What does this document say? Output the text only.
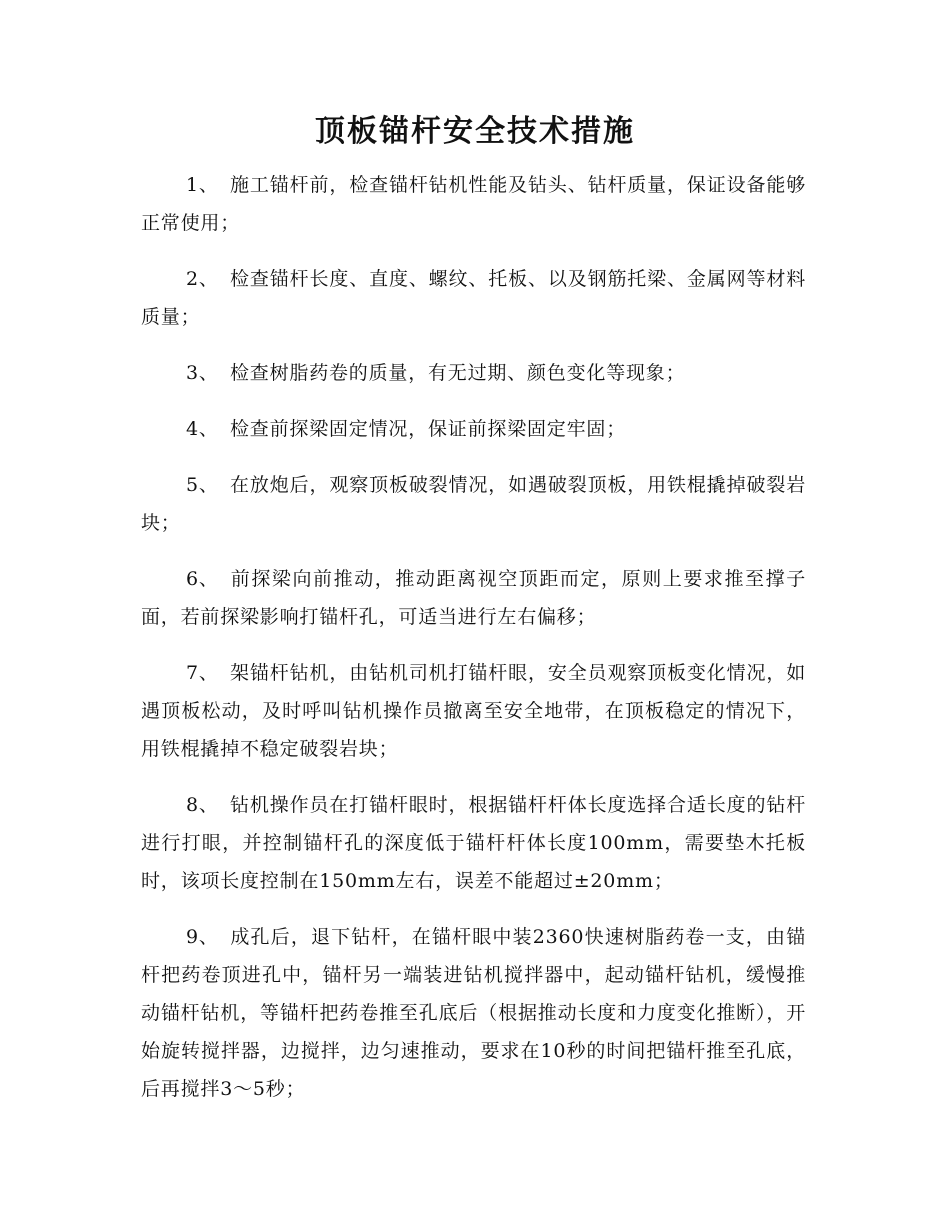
顶板锚杆安全技术措施

1、 施工锚杆前，检查锚杆钻机性能及钻头、钻杆质量，保证设备能够正常使用；

2、 检查锚杆长度、直度、螺纹、托板、以及钢筋托梁、金属网等材料质量；

3、 检查树脂药卷的质量，有无过期、颜色变化等现象；

4、 检查前探梁固定情况，保证前探梁固定牢固；

5、 在放炮后，观察顶板破裂情况，如遇破裂顶板，用铁棍撬掉破裂岩块；

6、 前探梁向前推动，推动距离视空顶距而定，原则上要求推至撑子面，若前探梁影响打锚杆孔，可适当进行左右偏移；

7、 架锚杆钻机，由钻机司机打锚杆眼，安全员观察顶板变化情况，如遇顶板松动，及时呼叫钻机操作员撤离至安全地带，在顶板稳定的情况下，用铁棍撬掉不稳定破裂岩块；

8、 钻机操作员在打锚杆眼时，根据锚杆杆体长度选择合适长度的钻杆进行打眼，并控制锚杆孔的深度低于锚杆杆体长度100mm，需要垫木托板时，该项长度控制在150mm左右，误差不能超过±20mm；

9、 成孔后，退下钻杆，在锚杆眼中装2360快速树脂药卷一支，由锚杆把药卷顶进孔中，锚杆另一端装进钻机搅拌器中，起动锚杆钻机，缓慢推动锚杆钻机，等锚杆把药卷推至孔底后（根据推动长度和力度变化推断），开始旋转搅拌器，边搅拌，边匀速推动，要求在10秒的时间把锚杆推至孔底，后再搅拌3～5秒；
